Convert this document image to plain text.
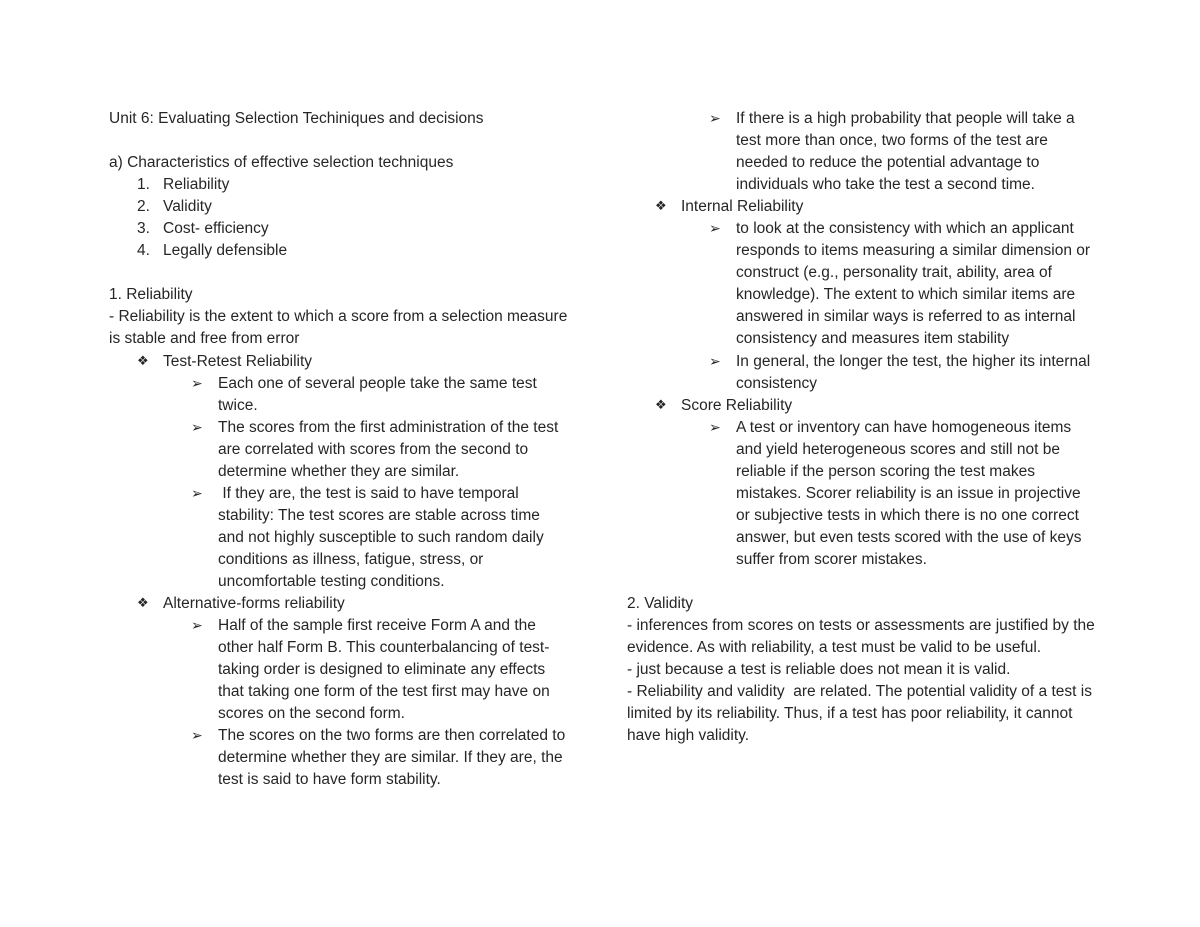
Unit 6: Evaluating Selection Techiniques and decisions
a) Characteristics of effective selection techniques
1. Reliability
2. Validity
3. Cost- efficiency
4. Legally defensible
1. Reliability
- Reliability is the extent to which a score from a selection measure is stable and free from error
❖ Test-Retest Reliability
➢ Each one of several people take the same test twice.
➢ The scores from the first administration of the test are correlated with scores from the second to determine whether they are similar.
➢ If they are, the test is said to have temporal stability: The test scores are stable across time and not highly susceptible to such random daily conditions as illness, fatigue, stress, or uncomfortable testing conditions.
❖ Alternative-forms reliability
➢ Half of the sample first receive Form A and the other half Form B. This counterbalancing of test-taking order is designed to eliminate any effects that taking one form of the test first may have on scores on the second form.
➢ The scores on the two forms are then correlated to determine whether they are similar. If they are, the test is said to have form stability.
➢ If there is a high probability that people will take a test more than once, two forms of the test are needed to reduce the potential advantage to individuals who take the test a second time.
❖ Internal Reliability
➢ to look at the consistency with which an applicant responds to items measuring a similar dimension or construct (e.g., personality trait, ability, area of knowledge). The extent to which similar items are answered in similar ways is referred to as internal consistency and measures item stability
➢ In general, the longer the test, the higher its internal consistency
❖ Score Reliability
➢ A test or inventory can have homogeneous items and yield heterogeneous scores and still not be reliable if the person scoring the test makes mistakes. Scorer reliability is an issue in projective or subjective tests in which there is no one correct answer, but even tests scored with the use of keys suffer from scorer mistakes.
2. Validity
- inferences from scores on tests or assessments are justified by the evidence. As with reliability, a test must be valid to be useful.
- just because a test is reliable does not mean it is valid.
- Reliability and validity  are related. The potential validity of a test is limited by its reliability. Thus, if a test has poor reliability, it cannot have high validity.
